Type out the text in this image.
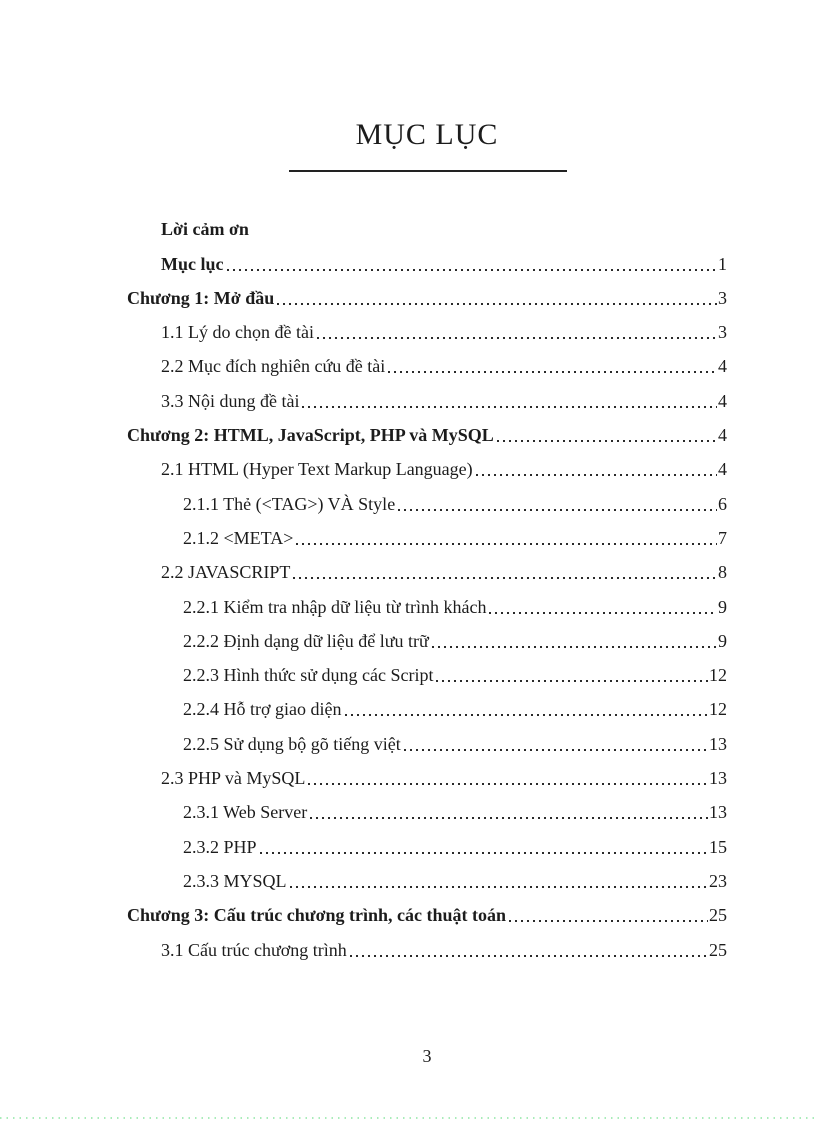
MỤC LỤC
Lời cảm ơn
Mục lục	1
Chương 1: Mở đầu	3
1.1 Lý do chọn đề tài	3
2.2 Mục đích nghiên cứu đề tài	4
3.3 Nội dung đề tài	4
Chương 2: HTML, JavaScript, PHP và MySQL	4
2.1 HTML (Hyper Text Markup Language)	4
2.1.1 Thẻ (<TAG>) VÀ Style	6
2.1.2 <META>	7
2.2 JAVASCRIPT	8
2.2.1 Kiểm tra nhập dữ liệu từ trình khách	9
2.2.2 Định dạng dữ liệu để lưu trữ	9
2.2.3 Hình thức sử dụng các Script	12
2.2.4 Hỗ trợ giao diện	12
2.2.5 Sử dụng bộ gõ tiếng việt	13
2.3 PHP và MySQL	13
2.3.1 Web Server	13
2.3.2 PHP	15
2.3.3 MYSQL	23
Chương 3: Cấu trúc chương trình, các thuật toán	25
3.1 Cấu trúc chương trình	25
3
